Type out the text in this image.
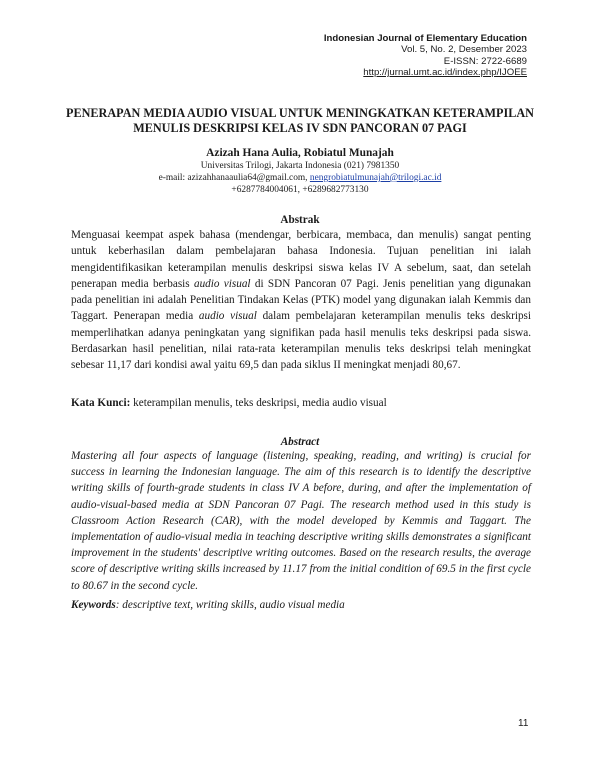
Indonesian Journal of Elementary Education
Vol. 5, No. 2, Desember 2023
E-ISSN: 2722-6689
http://jurnal.umt.ac.id/index.php/IJOEE
PENERAPAN MEDIA AUDIO VISUAL UNTUK MENINGKATKAN KETERAMPILAN
MENULIS DESKRIPSI KELAS IV SDN PANCORAN 07 PAGI
Azizah Hana Aulia, Robiatul Munajah
Universitas Trilogi, Jakarta Indonesia (021) 7981350
e-mail: azizahhanaaulia64@gmail.com, nengrobiatulmunajah@trilogi.ac.id
+6287784004061, +6289682773130
Abstrak
Menguasai keempat aspek bahasa (mendengar, berbicara, membaca, dan menulis) sangat penting untuk keberhasilan dalam pembelajaran bahasa Indonesia. Tujuan penelitian ini ialah mengidentifikasikan keterampilan menulis deskripsi siswa kelas IV A sebelum, saat, dan setelah penerapan media berbasis audio visual di SDN Pancoran 07 Pagi. Jenis penelitian yang digunakan pada penelitian ini adalah Penelitian Tindakan Kelas (PTK) model yang digunakan ialah Kemmis dan Taggart. Penerapan media audio visual dalam pembelajaran keterampilan menulis teks deskripsi memperlihatkan adanya peningkatan yang signifikan pada hasil menulis teks deskripsi pada siswa. Berdasarkan hasil penelitian, nilai rata-rata keterampilan menulis teks deskripsi telah meningkat sebesar 11,17 dari kondisi awal yaitu 69,5 dan pada siklus II meningkat menjadi 80,67.
Kata Kunci: keterampilan menulis, teks deskripsi, media audio visual
Abstract
Mastering all four aspects of language (listening, speaking, reading, and writing) is crucial for success in learning the Indonesian language. The aim of this research is to identify the descriptive writing skills of fourth-grade students in class IV A before, during, and after the implementation of audio-visual-based media at SDN Pancoran 07 Pagi. The research method used in this study is Classroom Action Research (CAR), with the model developed by Kemmis and Taggart. The implementation of audio-visual media in teaching descriptive writing skills demonstrates a significant improvement in the students' descriptive writing outcomes. Based on the research results, the average score of descriptive writing skills increased by 11.17 from the initial condition of 69.5 in the first cycle to 80.67 in the second cycle.
Keywords: descriptive text, writing skills, audio visual media
11
